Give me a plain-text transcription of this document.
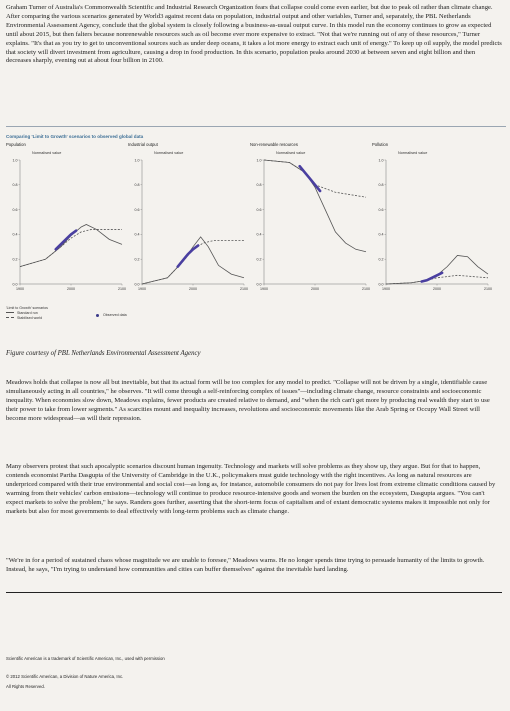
Graham Turner of Australia's Commonwealth Scientific and Industrial Research Organization fears that collapse could come even earlier, but due to peak oil rather than climate change. After comparing the various scenarios generated by World3 against recent data on population, industrial output and other variables, Turner and, separately, the PBL Netherlands Environmental Assessment Agency, conclude that the global system is closely following a business-as-usual output curve. In this model run the economy continues to grow as expected until about 2015, but then falters because nonrenewable resources such as oil become ever more expensive to extract. "Not that we're running out of any of these resources," Turner explains. "It's that as you try to get to unconventional sources such as under deep oceans, it takes a lot more energy to extract each unit of energy." To keep up oil supply, the model predicts that society will divert investment from agriculture, causing a drop in food production. In this scenario, population peaks around 2030 at between seven and eight billion and then decreases sharply, evening out at about four billion in 2100.

Comparing 'Limit to Growth' scenarios to observed global data
Population
Normalised value
0.0
0.2
0.4
0.6
0.8
1.0
1900	2000	2100
Industrial output
Normalised value
0.0
0.2
0.4
0.6
0.8
1.0
1900	2000	2100
Non-renewable resources
Normalised value
0.0
0.2
0.4
0.6
0.8
1.0
1900	2000	2100
Pollution
Normalised value
0.0
0.2
0.4
0.6
0.8
1.0
1900	2000	2100
'Limit to Growth' scenarios
Standard run
Stabilised world
Observed data

Figure courtesy of PBL Netherlands Environmental Assessment Agency

Meadows holds that collapse is now all but inevitable, but that its actual form will be too complex for any model to predict. "Collapse will not be driven by a single, identifiable cause simultaneously acting in all countries," he observes. "It will come through a self-reinforcing complex of issues"—including climate change, resource constraints and socioeconomic inequality. When economies slow down, Meadows explains, fewer products are created relative to demand, and "when the rich can't get more by producing real wealth they start to use their power to take from lower segments." As scarcities mount and inequality increases, revolutions and socioeconomic movements like the Arab Spring or Occupy Wall Street will become more widespread—as will their repression.

Many observers protest that such apocalyptic scenarios discount human ingenuity. Technology and markets will solve problems as they show up, they argue. But for that to happen, contends economist Partha Dasgupta of the University of Cambridge in the U.K., policymakers must guide technology with the right incentives. As long as natural resources are underpriced compared with their true environmental and social cost—as long as, for instance, automobile consumers do not pay for lives lost from extreme climatic conditions caused by warming from their vehicles' carbon emissions—technology will continue to produce resource-intensive goods and worsen the burden on the ecosystem, Dasgupta argues. "You can't expect markets to solve the problem," he says. Randers goes further, asserting that the short-term focus of capitalism and of extant democratic systems makes it impossible not only for markets but also for most governments to deal effectively with long-term problems such as climate change.

"We're in for a period of sustained chaos whose magnitude we are unable to foresee," Meadows warns. He no longer spends time trying to persuade humanity of the limits to growth. Instead, he says, "I'm trying to understand how communities and cities can buffer themselves" against the inevitable hard landing.

Scientific American is a trademark of Scientific American, Inc., used with permission
© 2012 Scientific American, a Division of Nature America, Inc.
All Rights Reserved.
